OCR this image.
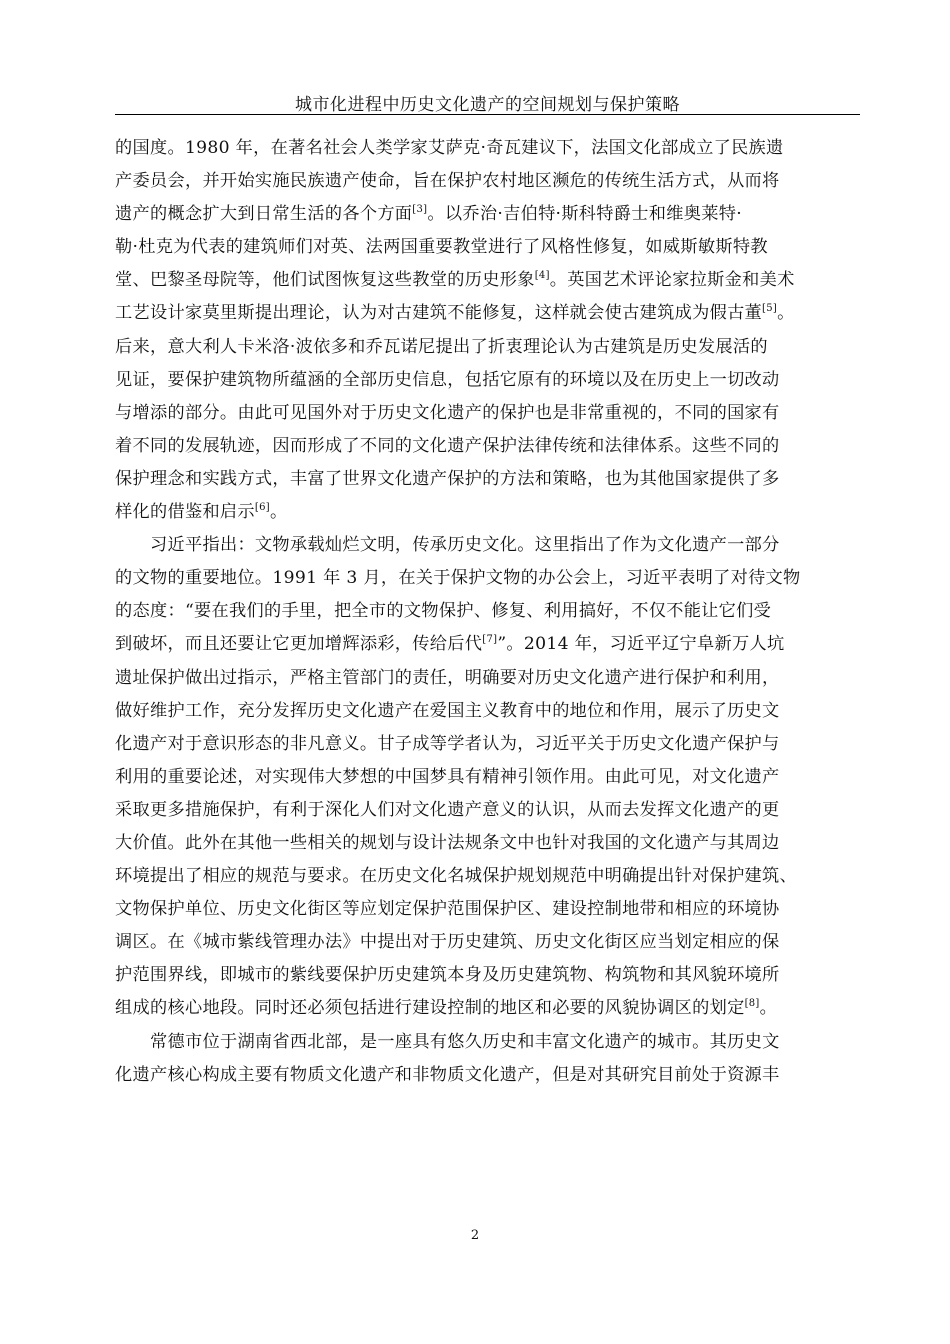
城市化进程中历史文化遗产的空间规划与保护策略
的国度。1980 年，在著名社会人类学家艾萨克·奇瓦建议下，法国文化部成立了民族遗
产委员会，并开始实施民族遗产使命，旨在保护农村地区濒危的传统生活方式，从而将
遗产的概念扩大到日常生活的各个方面[3]。以乔治·吉伯特·斯科特爵士和维奥莱特·
勒·杜克为代表的建筑师们对英、法两国重要教堂进行了风格性修复，如威斯敏斯特教
堂、巴黎圣母院等，他们试图恢复这些教堂的历史形象[4]。英国艺术评论家拉斯金和美术
工艺设计家莫里斯提出理论，认为对古建筑不能修复，这样就会使古建筑成为假古董[5]。
后来，意大利人卡米洛·波依多和乔瓦诺尼提出了折衷理论认为古建筑是历史发展活的
见证，要保护建筑物所蕴涵的全部历史信息，包括它原有的环境以及在历史上一切改动
与增添的部分。由此可见国外对于历史文化遗产的保护也是非常重视的，不同的国家有
着不同的发展轨迹，因而形成了不同的文化遗产保护法律传统和法律体系。这些不同的
保护理念和实践方式，丰富了世界文化遗产保护的方法和策略，也为其他国家提供了多
样化的借鉴和启示[6]。
习近平指出：文物承载灿烂文明，传承历史文化。这里指出了作为文化遗产一部分
的文物的重要地位。1991 年 3 月，在关于保护文物的办公会上，习近平表明了对待文物
的态度：“要在我们的手里，把全市的文物保护、修复、利用搞好，不仅不能让它们受
到破坏，而且还要让它更加增辉添彩，传给后代[7]”。2014 年，习近平辽宁阜新万人坑
遗址保护做出过指示，严格主管部门的责任，明确要对历史文化遗产进行保护和利用，
做好维护工作，充分发挥历史文化遗产在爱国主义教育中的地位和作用，展示了历史文
化遗产对于意识形态的非凡意义。甘子成等学者认为，习近平关于历史文化遗产保护与
利用的重要论述，对实现伟大梦想的中国梦具有精神引领作用。由此可见，对文化遗产
采取更多措施保护，有利于深化人们对文化遗产意义的认识，从而去发挥文化遗产的更
大价值。此外在其他一些相关的规划与设计法规条文中也针对我国的文化遗产与其周边
环境提出了相应的规范与要求。在历史文化名城保护规划规范中明确提出针对保护建筑、
文物保护单位、历史文化街区等应划定保护范围保护区、建设控制地带和相应的环境协
调区。在《城市紫线管理办法》中提出对于历史建筑、历史文化街区应当划定相应的保
护范围界线，即城市的紫线要保护历史建筑本身及历史建筑物、构筑物和其风貌环境所
组成的核心地段。同时还必须包括进行建设控制的地区和必要的风貌协调区的划定[8]。
常德市位于湖南省西北部，是一座具有悠久历史和丰富文化遗产的城市。其历史文
化遗产核心构成主要有物质文化遗产和非物质文化遗产，但是对其研究目前处于资源丰
2
